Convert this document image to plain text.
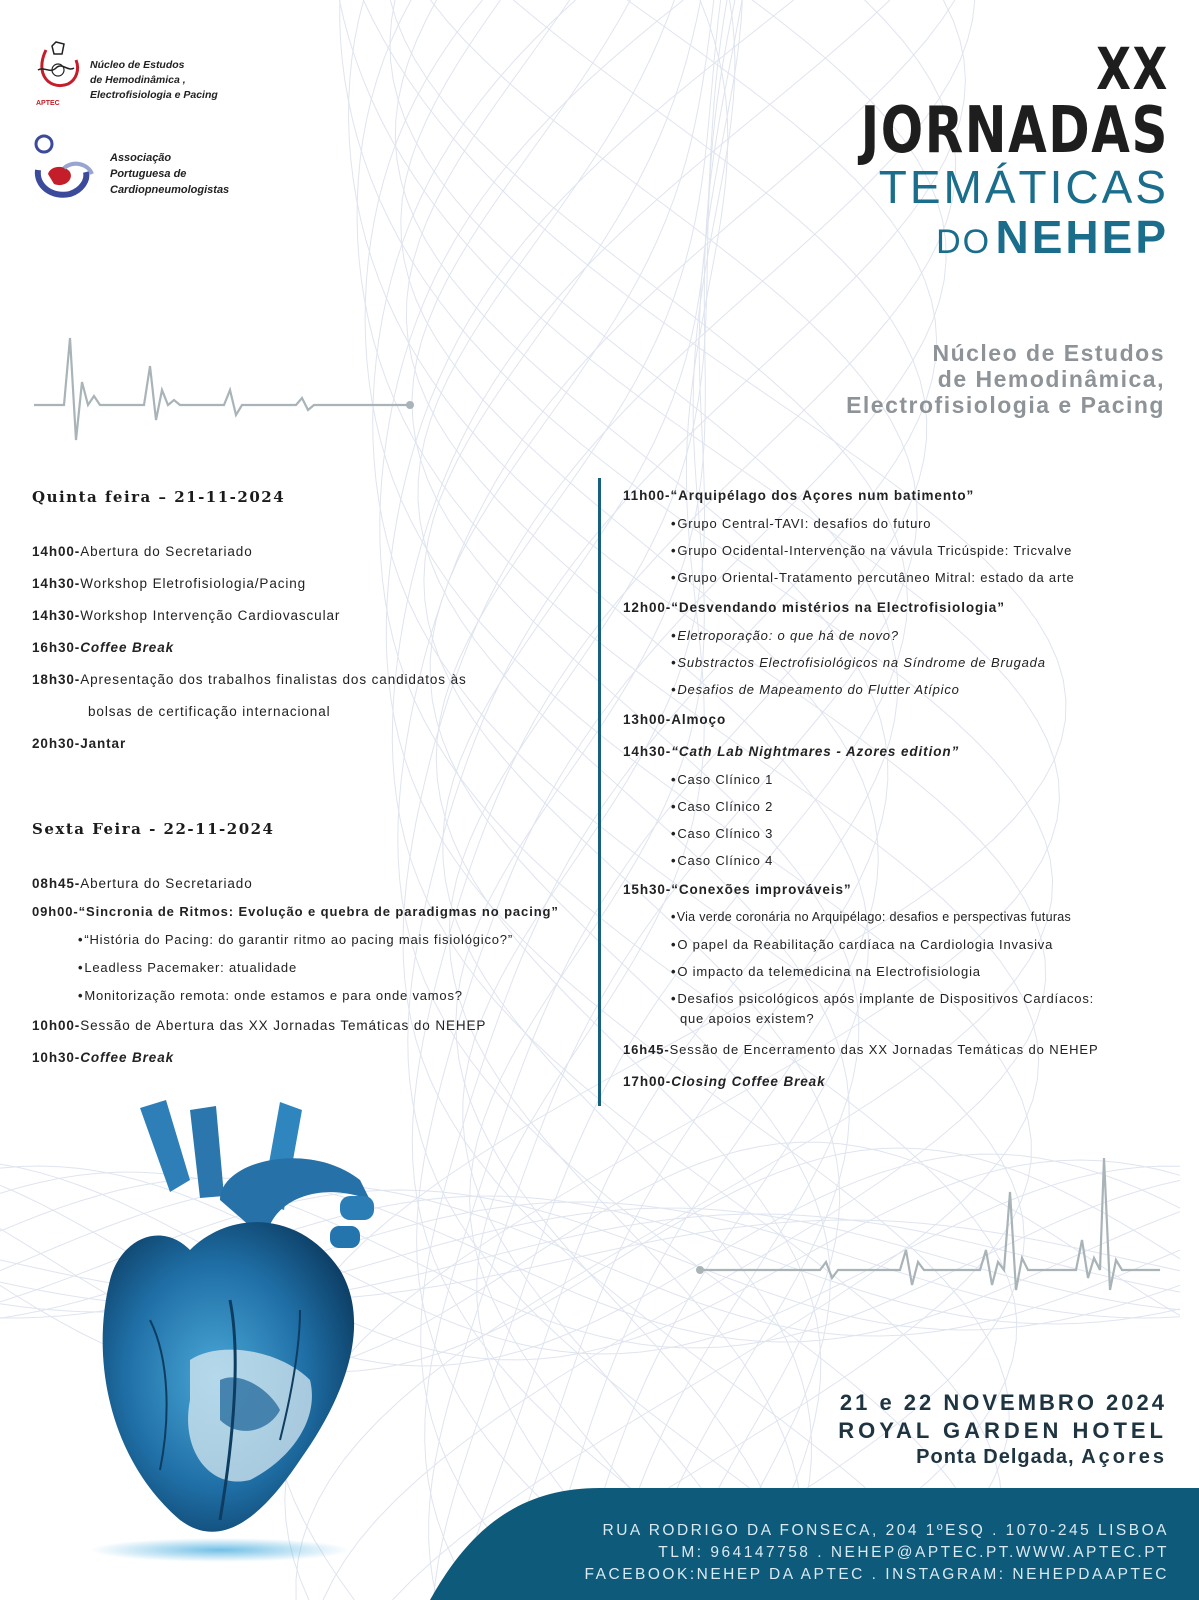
APTEC
Núcleo de Estudos
de Hemodinâmica ,
Electrofisiologia e Pacing
Associação
Portuguesa de
Cardiopneumologistas
XX
JORNADAS
TEMÁTICAS
DO NEHEP
Núcleo de Estudos
de Hemodinâmica,
Electrofisiologia e Pacing
Quinta feira – 21-11-2024
14h00-Abertura do Secretariado
14h30-Workshop Eletrofisiologia/Pacing
14h30-Workshop Intervenção Cardiovascular
16h30-Coffee Break
18h30-Apresentação dos trabalhos finalistas dos candidatos às
bolsas de certificação internacional
20h30-Jantar
Sexta Feira - 22-11-2024
08h45-Abertura do Secretariado
09h00-“Sincronia de Ritmos: Evolução e quebra de paradigmas no pacing”
•“História do Pacing: do garantir ritmo ao pacing mais fisiológico?”
•Leadless Pacemaker: atualidade
•Monitorização remota: onde estamos e para onde vamos?
10h00-Sessão de Abertura das XX Jornadas Temáticas do NEHEP
10h30-Coffee Break
11h00-“Arquipélago dos Açores num batimento”
•Grupo Central-TAVI: desafios do futuro
•Grupo Ocidental-Intervenção na vávula Tricúspide: Tricvalve
•Grupo Oriental-Tratamento percutâneo Mitral: estado da arte
12h00-“Desvendando mistérios na Electrofisiologia”
•Eletroporação: o que há de novo?
•Substractos Electrofisiológicos na Síndrome de Brugada
•Desafios de Mapeamento do Flutter Atípico
13h00-Almoço
14h30-“Cath Lab Nightmares - Azores edition”
•Caso Clínico 1
•Caso Clínico 2
•Caso Clínico 3
•Caso Clínico 4
15h30-“Conexões improváveis”
•Via verde coronária no Arquipélago: desafios e perspectivas futuras
•O papel da Reabilitação cardíaca na Cardiologia Invasiva
•O impacto da telemedicina na Electrofisiologia
•Desafios psicológicos após implante de Dispositivos Cardíacos:
que apoios existem?
16h45-Sessão de Encerramento das XX Jornadas Temáticas do NEHEP
17h00-Closing Coffee Break
21 e 22 NOVEMBRO 2024
ROYAL GARDEN HOTEL
Ponta Delgada, Açores
RUA RODRIGO DA FONSECA, 204 1ºESQ . 1070-245 LISBOA
TLM: 964147758 . NEHEP@APTEC.PT.WWW.APTEC.PT
FACEBOOK:NEHEP DA APTEC . INSTAGRAM: NEHEPDAAPTEC
